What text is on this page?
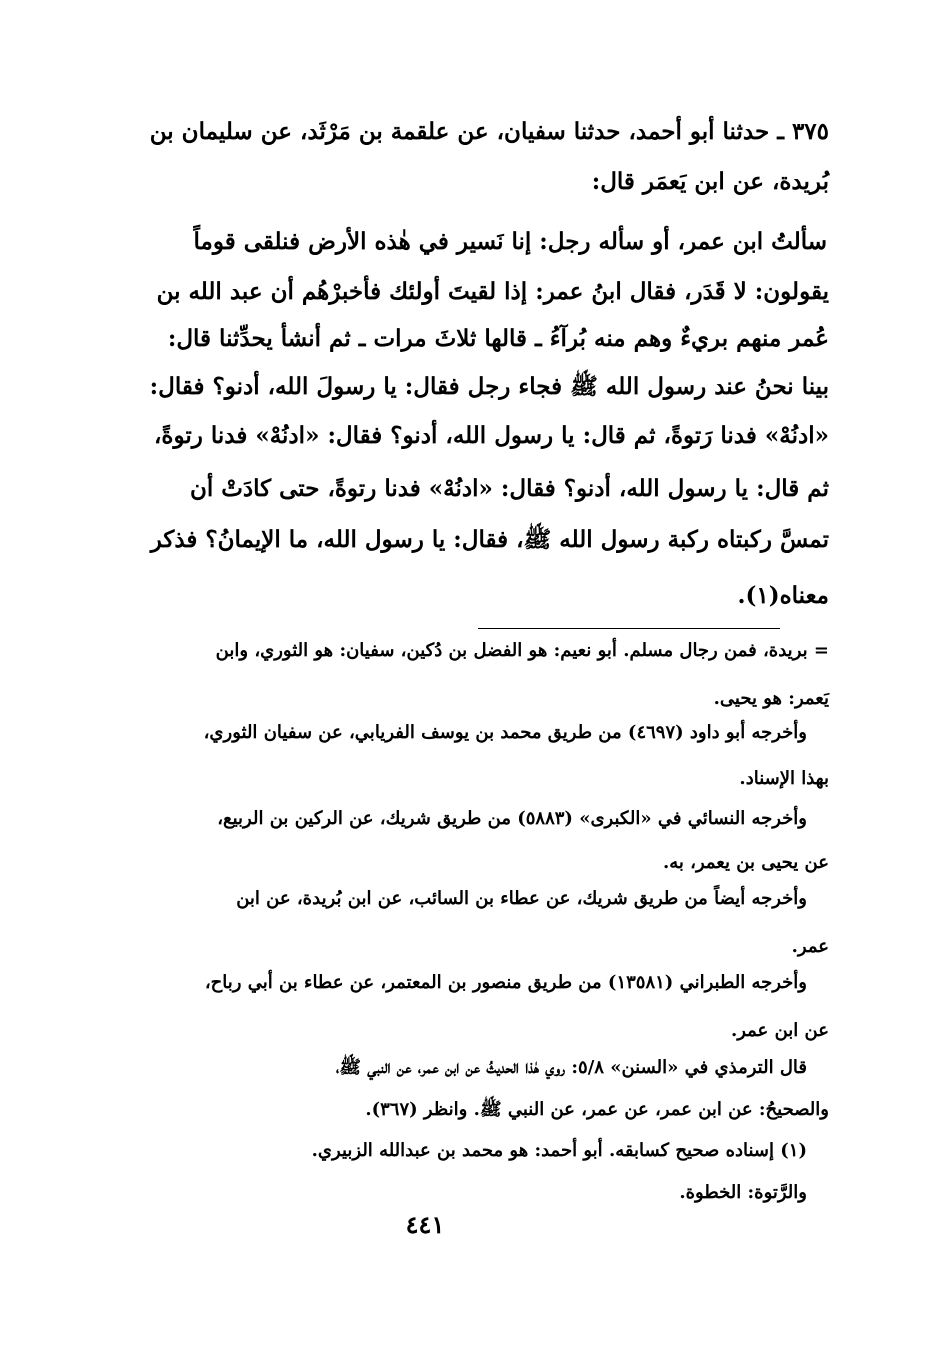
٣٧٥ ـ حدثنا أبو أحمد، حدثنا سفيان، عن علقمة بن مَرْثَد، عن سليمان بن

بُريدة، عن ابن يَعمَر قال:

سألتُ ابن عمر، أو سأله رجل: إنا نَسير في هٰذه الأرض فنلقى قوماً

يقولون: لا قَدَر، فقال ابنُ عمر: إذا لقيتَ أولئك فأخبرْهُم أن عبد الله بن

عُمر منهم بريءٌ وهم منه بُرآءُ ـ قالها ثلاثَ مرات ـ ثم أنشأ يحدِّثنا قال:

بينا نحنُ عند رسول الله ﷺ فجاء رجل فقال: يا رسولَ الله، أدنو؟ فقال:

«ادنُهْ» فدنا رَتوةً، ثم قال: يا رسول الله، أدنو؟ فقال: «ادنُهْ» فدنا رتوةً،

ثم قال: يا رسول الله، أدنو؟ فقال: «ادنُهْ» فدنا رتوةً، حتى كادَتْ أن

تمسَّ ركبتاه ركبة رسول الله ﷺ، فقال: يا رسول الله، ما الإيمانُ؟ فذكر

معناه(١).

= بريدة، فمن رجال مسلم. أبو نعيم: هو الفضل بن دُكين، سفيان: هو الثوري، وابن

يَعمر: هو يحيى.

وأخرجه أبو داود (٤٦٩٧) من طريق محمد بن يوسف الفريابي، عن سفيان الثوري،

بهذا الإسناد.

وأخرجه النسائي في «الكبرى» (٥٨٨٣) من طريق شريك، عن الركين بن الربيع،

عن يحيى بن يعمر، به.

وأخرجه أيضاً من طريق شريك، عن عطاء بن السائب، عن ابن بُريدة، عن ابن

عمر.

وأخرجه الطبراني (١٣٥٨١) من طريق منصور بن المعتمر، عن عطاء بن أبي رباح،

عن ابن عمر.

قال الترمذي في «السنن» ٥/٨: روي هٰذا الحديثُ عن ابن عمر، عن النبي ﷺ،

والصحيحُ: عن ابن عمر، عن عمر، عن النبي ﷺ. وانظر (٣٦٧).

(١) إسناده صحيح كسابقه. أبو أحمد: هو محمد بن عبدالله الزبيري.

والرَّتوة: الخطوة.

٤٤١
